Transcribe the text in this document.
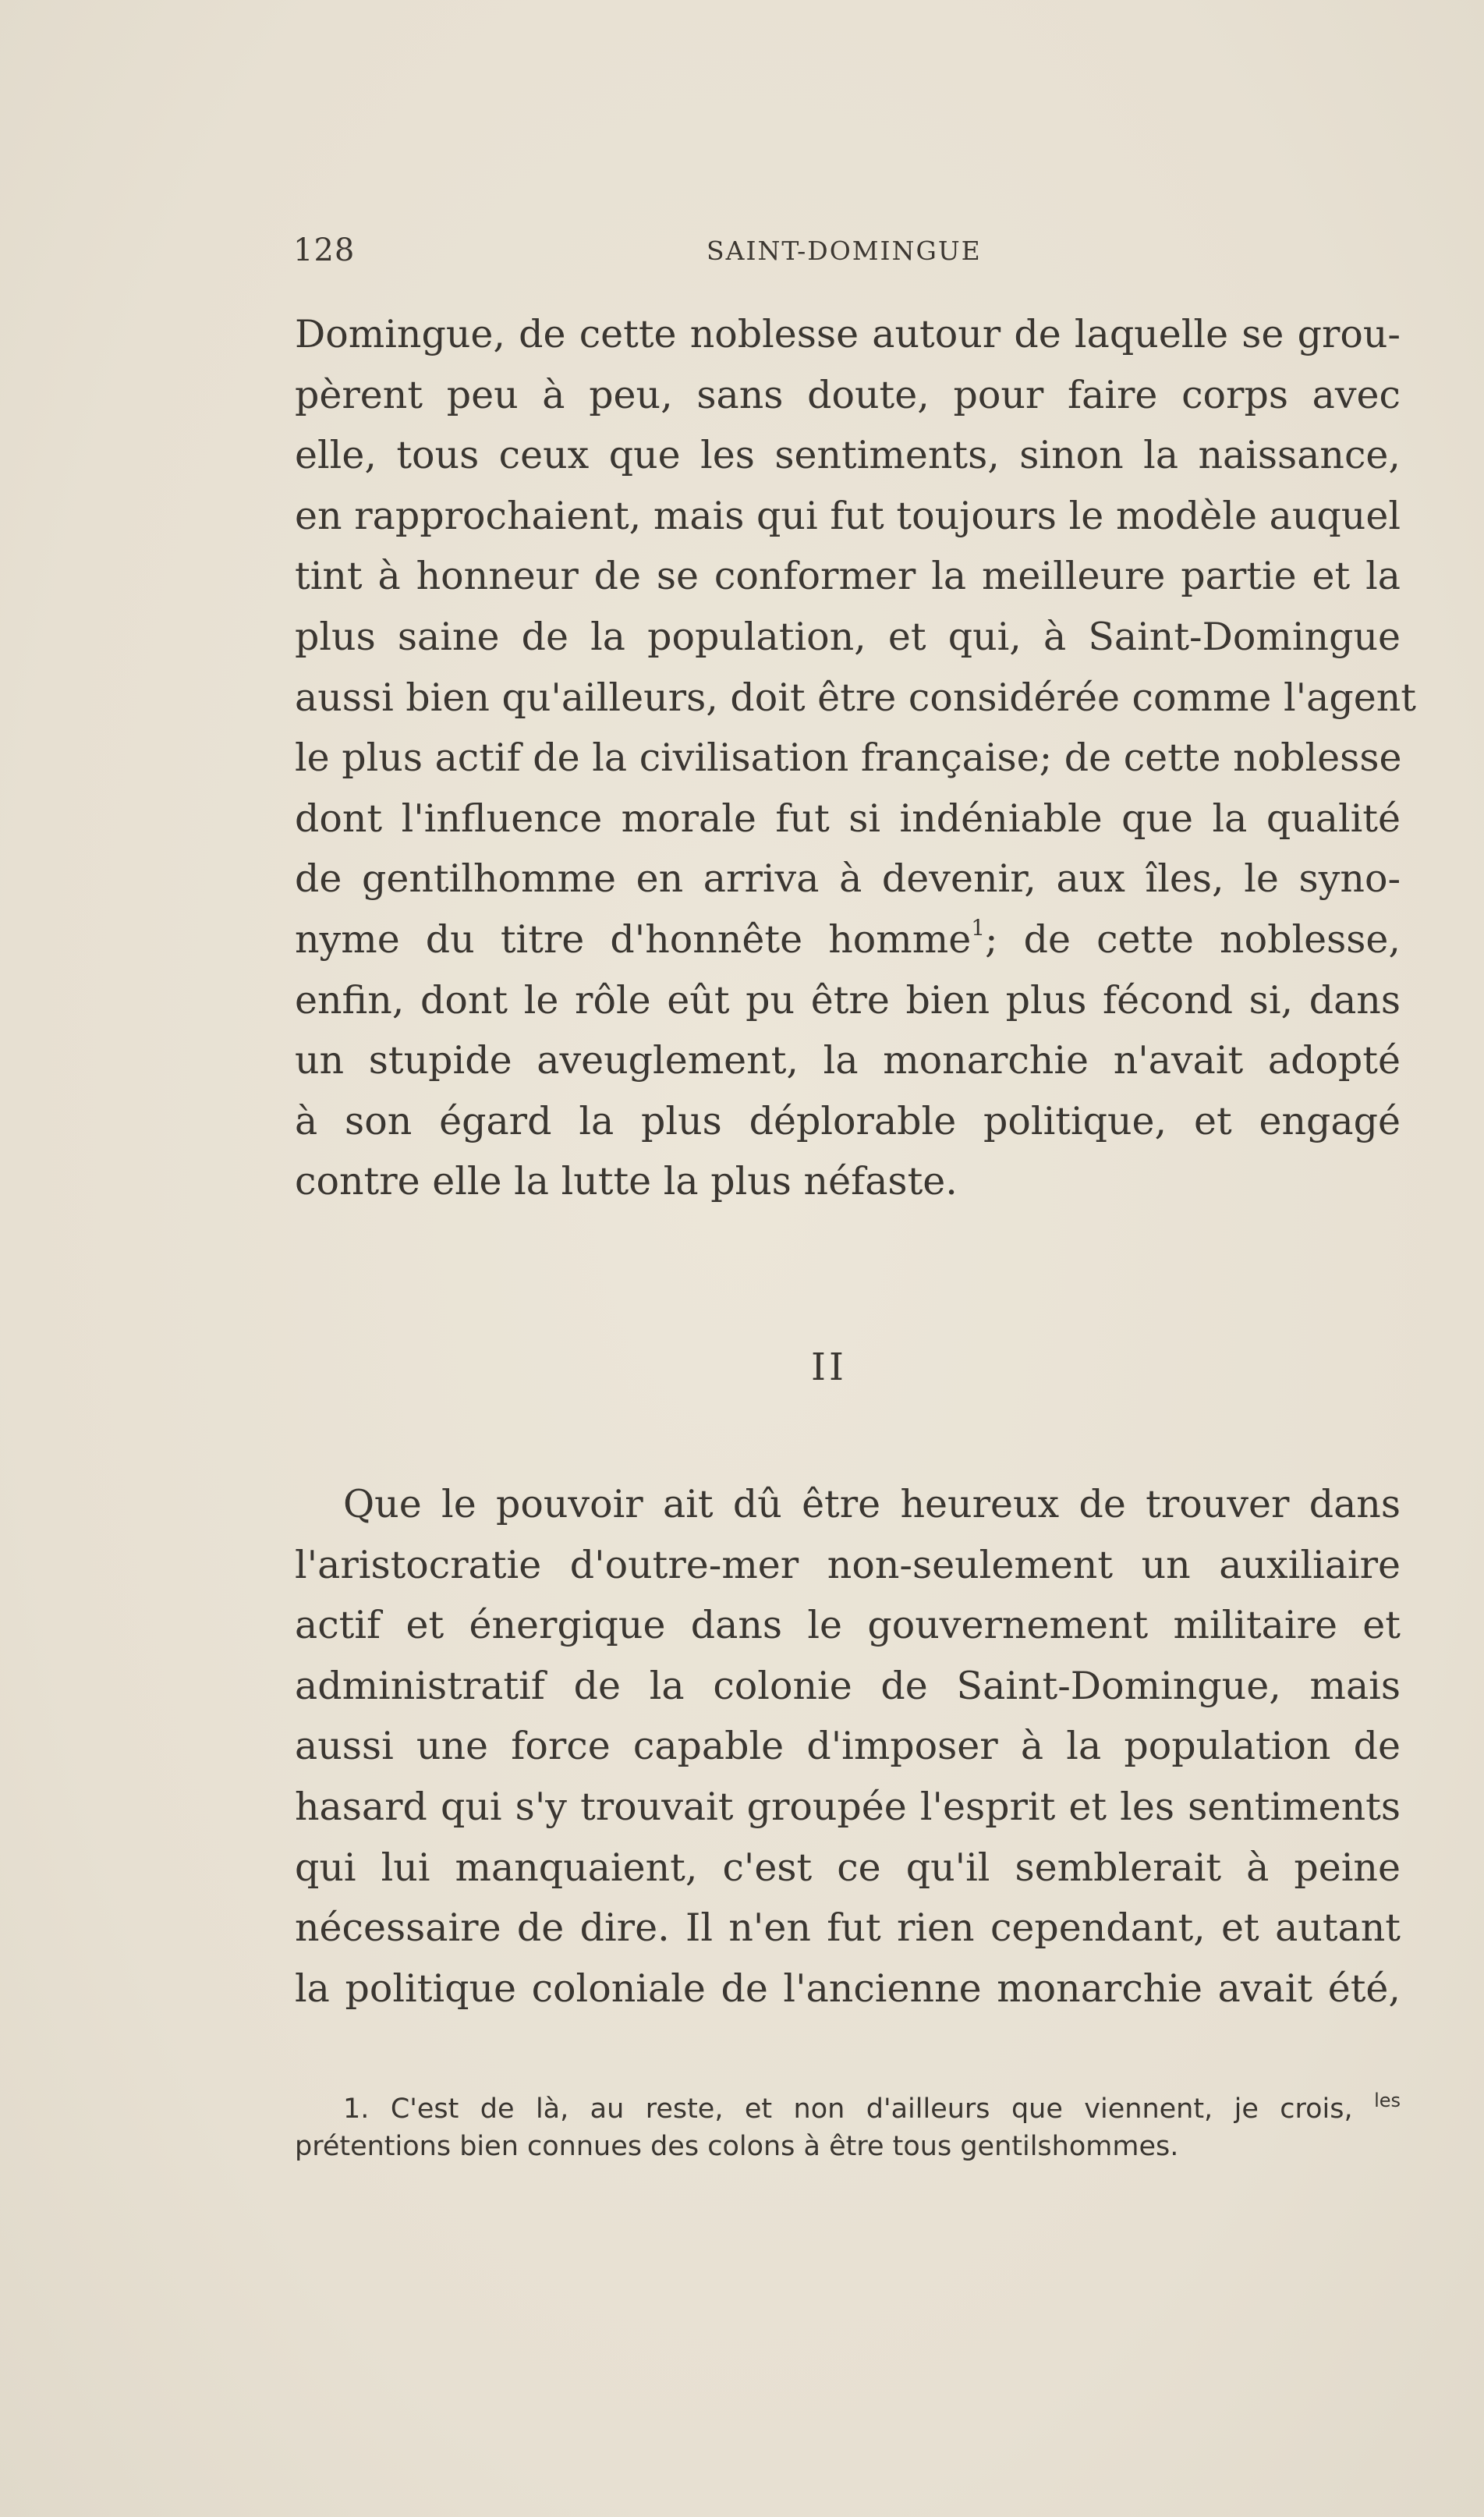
128	SAINT-DOMINGUE
Domingue, de cette noblesse autour de laquelle se grou-
pèrent peu à peu, sans doute, pour faire corps avec
elle, tous ceux que les sentiments, sinon la naissance,
en rapprochaient, mais qui fut toujours le modèle auquel
tint à honneur de se conformer la meilleure partie et la
plus saine de la population, et qui, à Saint-Domingue
aussi bien qu'ailleurs, doit être considérée comme l'agent
le plus actif de la civilisation française; de cette noblesse
dont l'influence morale fut si indéniable que la qualité
de gentilhomme en arriva à devenir, aux îles, le syno-
nyme du titre d'honnête homme$^1$; de cette noblesse,
enfin, dont le rôle eût pu être bien plus fécond si, dans
un stupide aveuglement, la monarchie n'avait adopté
à son égard la plus déplorable politique, et engagé
contre elle la lutte la plus néfaste.
II
Que le pouvoir ait dû être heureux de trouver dans
l'aristocratie d'outre-mer non-seulement un auxiliaire
actif et énergique dans le gouvernement militaire et
administratif de la colonie de Saint-Domingue, mais
aussi une force capable d'imposer à la population de
hasard qui s'y trouvait groupée l'esprit et les sentiments
qui lui manquaient, c'est ce qu'il semblerait à peine
nécessaire de dire. Il n'en fut rien cependant, et autant
la politique coloniale de l'ancienne monarchie avait été,
1. C'est de là, au reste, et non d'ailleurs que viennent, je crois, $^{les}$
prétentions bien connues des colons à être tous gentilshommes.
